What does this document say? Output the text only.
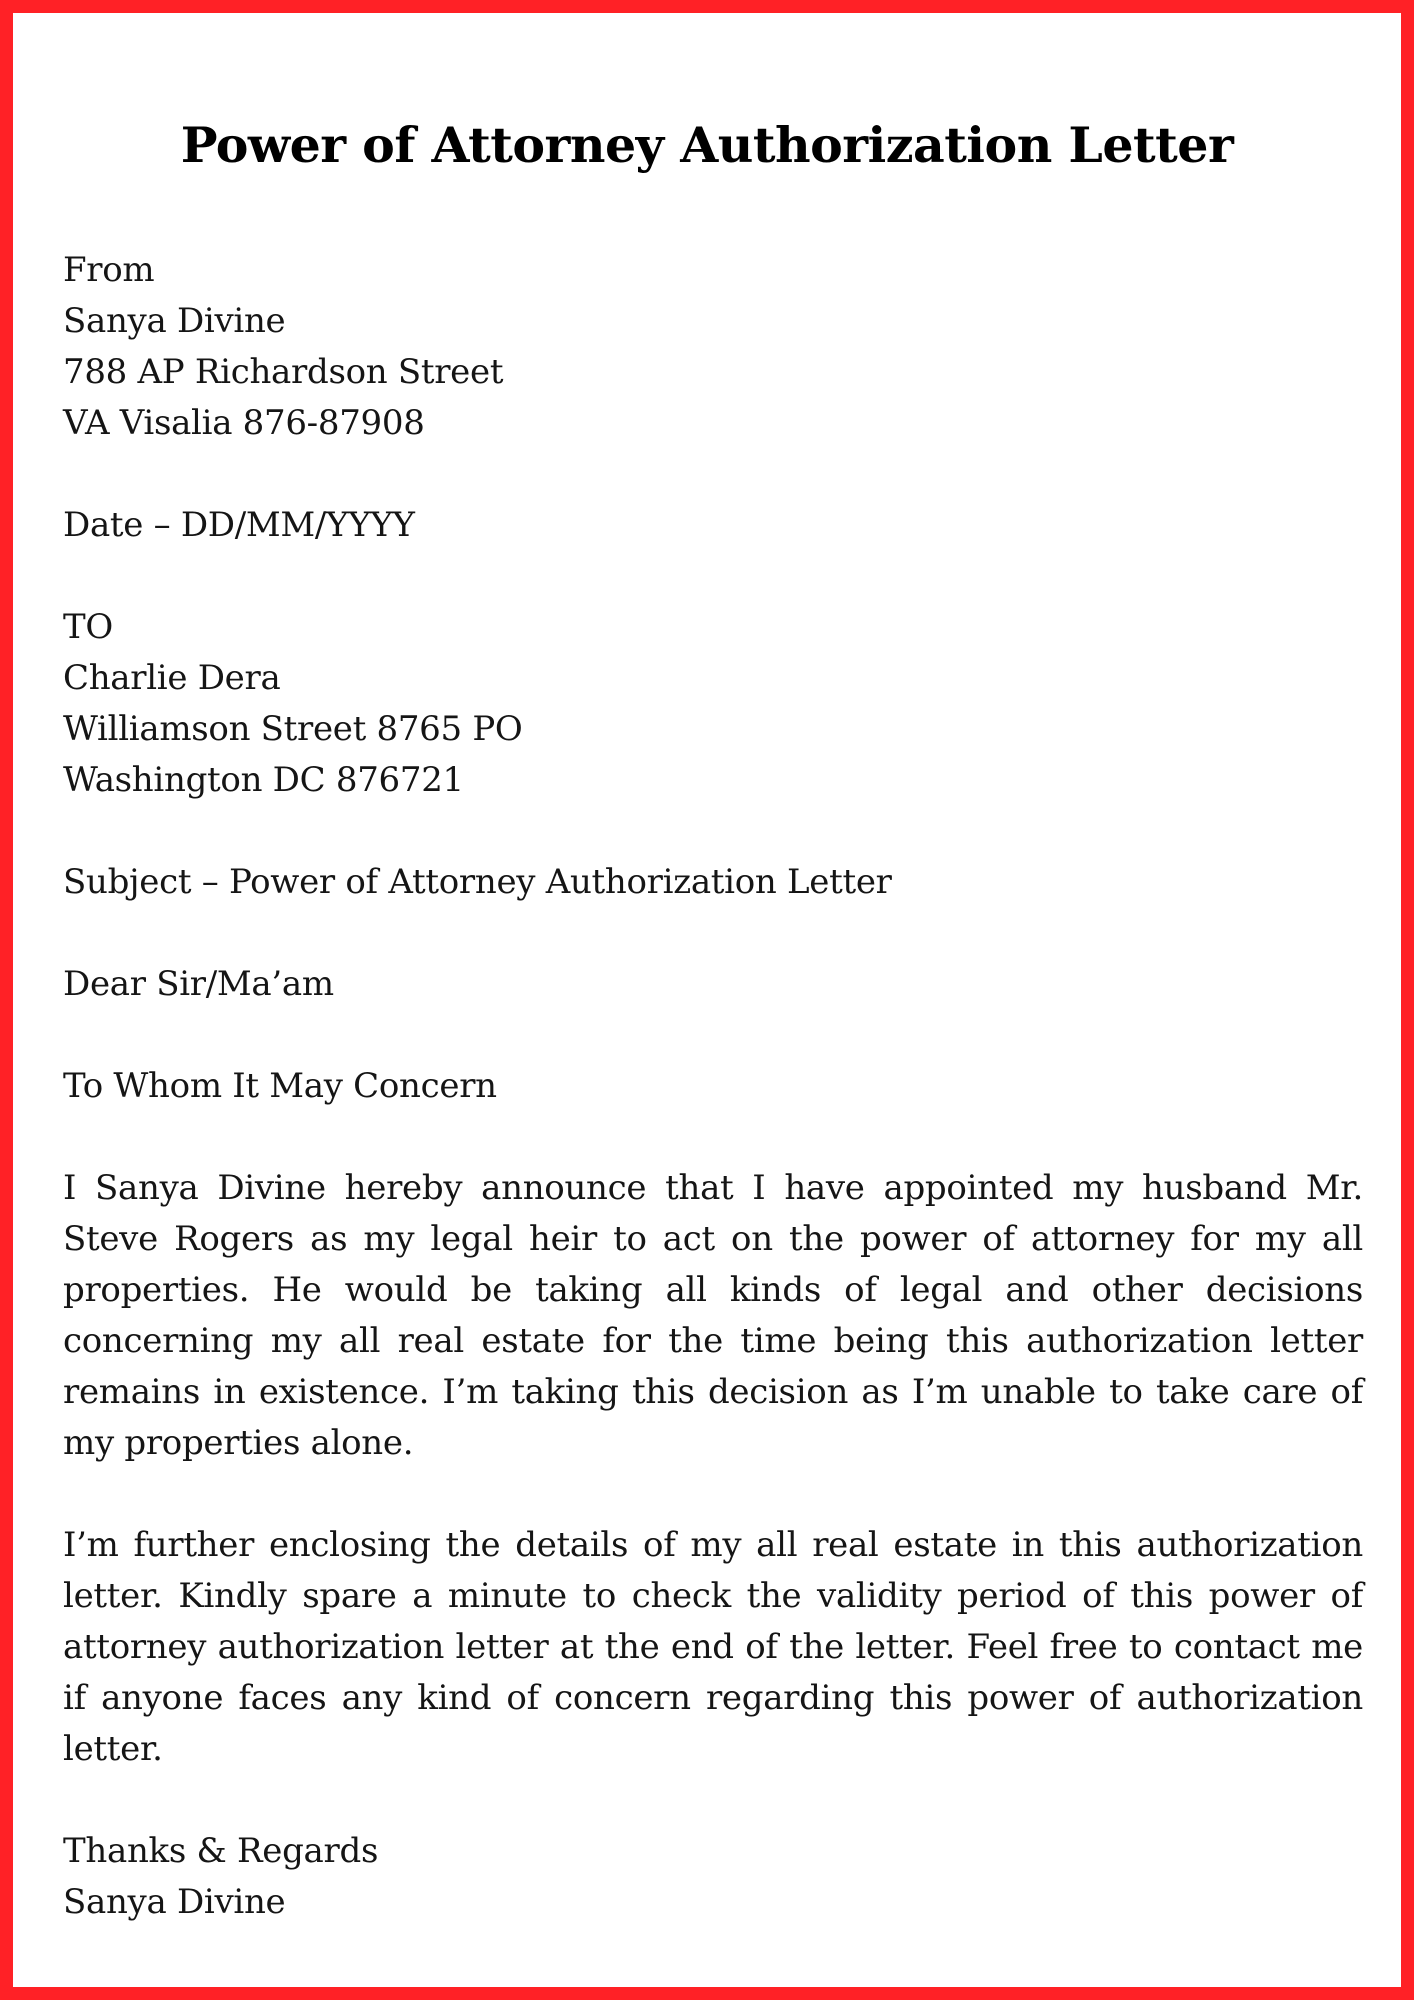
Power of Attorney Authorization Letter
From
Sanya Divine
788 AP Richardson Street
VA Visalia 876-87908
Date – DD/MM/YYYY
TO
Charlie Dera
Williamson Street 8765 PO
Washington DC 876721
Subject – Power of Attorney Authorization Letter
Dear Sir/Ma’am
To Whom It May Concern

I Sanya Divine hereby announce that I have appointed my husband Mr. Steve Rogers as my legal heir to act on the power of attorney for my all properties. He would be taking all kinds of legal and other decisions concerning my all real estate for the time being this authorization letter remains in existence. I’m taking this decision as I’m unable to take care of my properties alone.

I’m further enclosing the details of my all real estate in this authorization letter. Kindly spare a minute to check the validity period of this power of attorney authorization letter at the end of the letter. Feel free to contact me if anyone faces any kind of concern regarding this power of authorization letter.

Thanks & Regards
Sanya Divine
